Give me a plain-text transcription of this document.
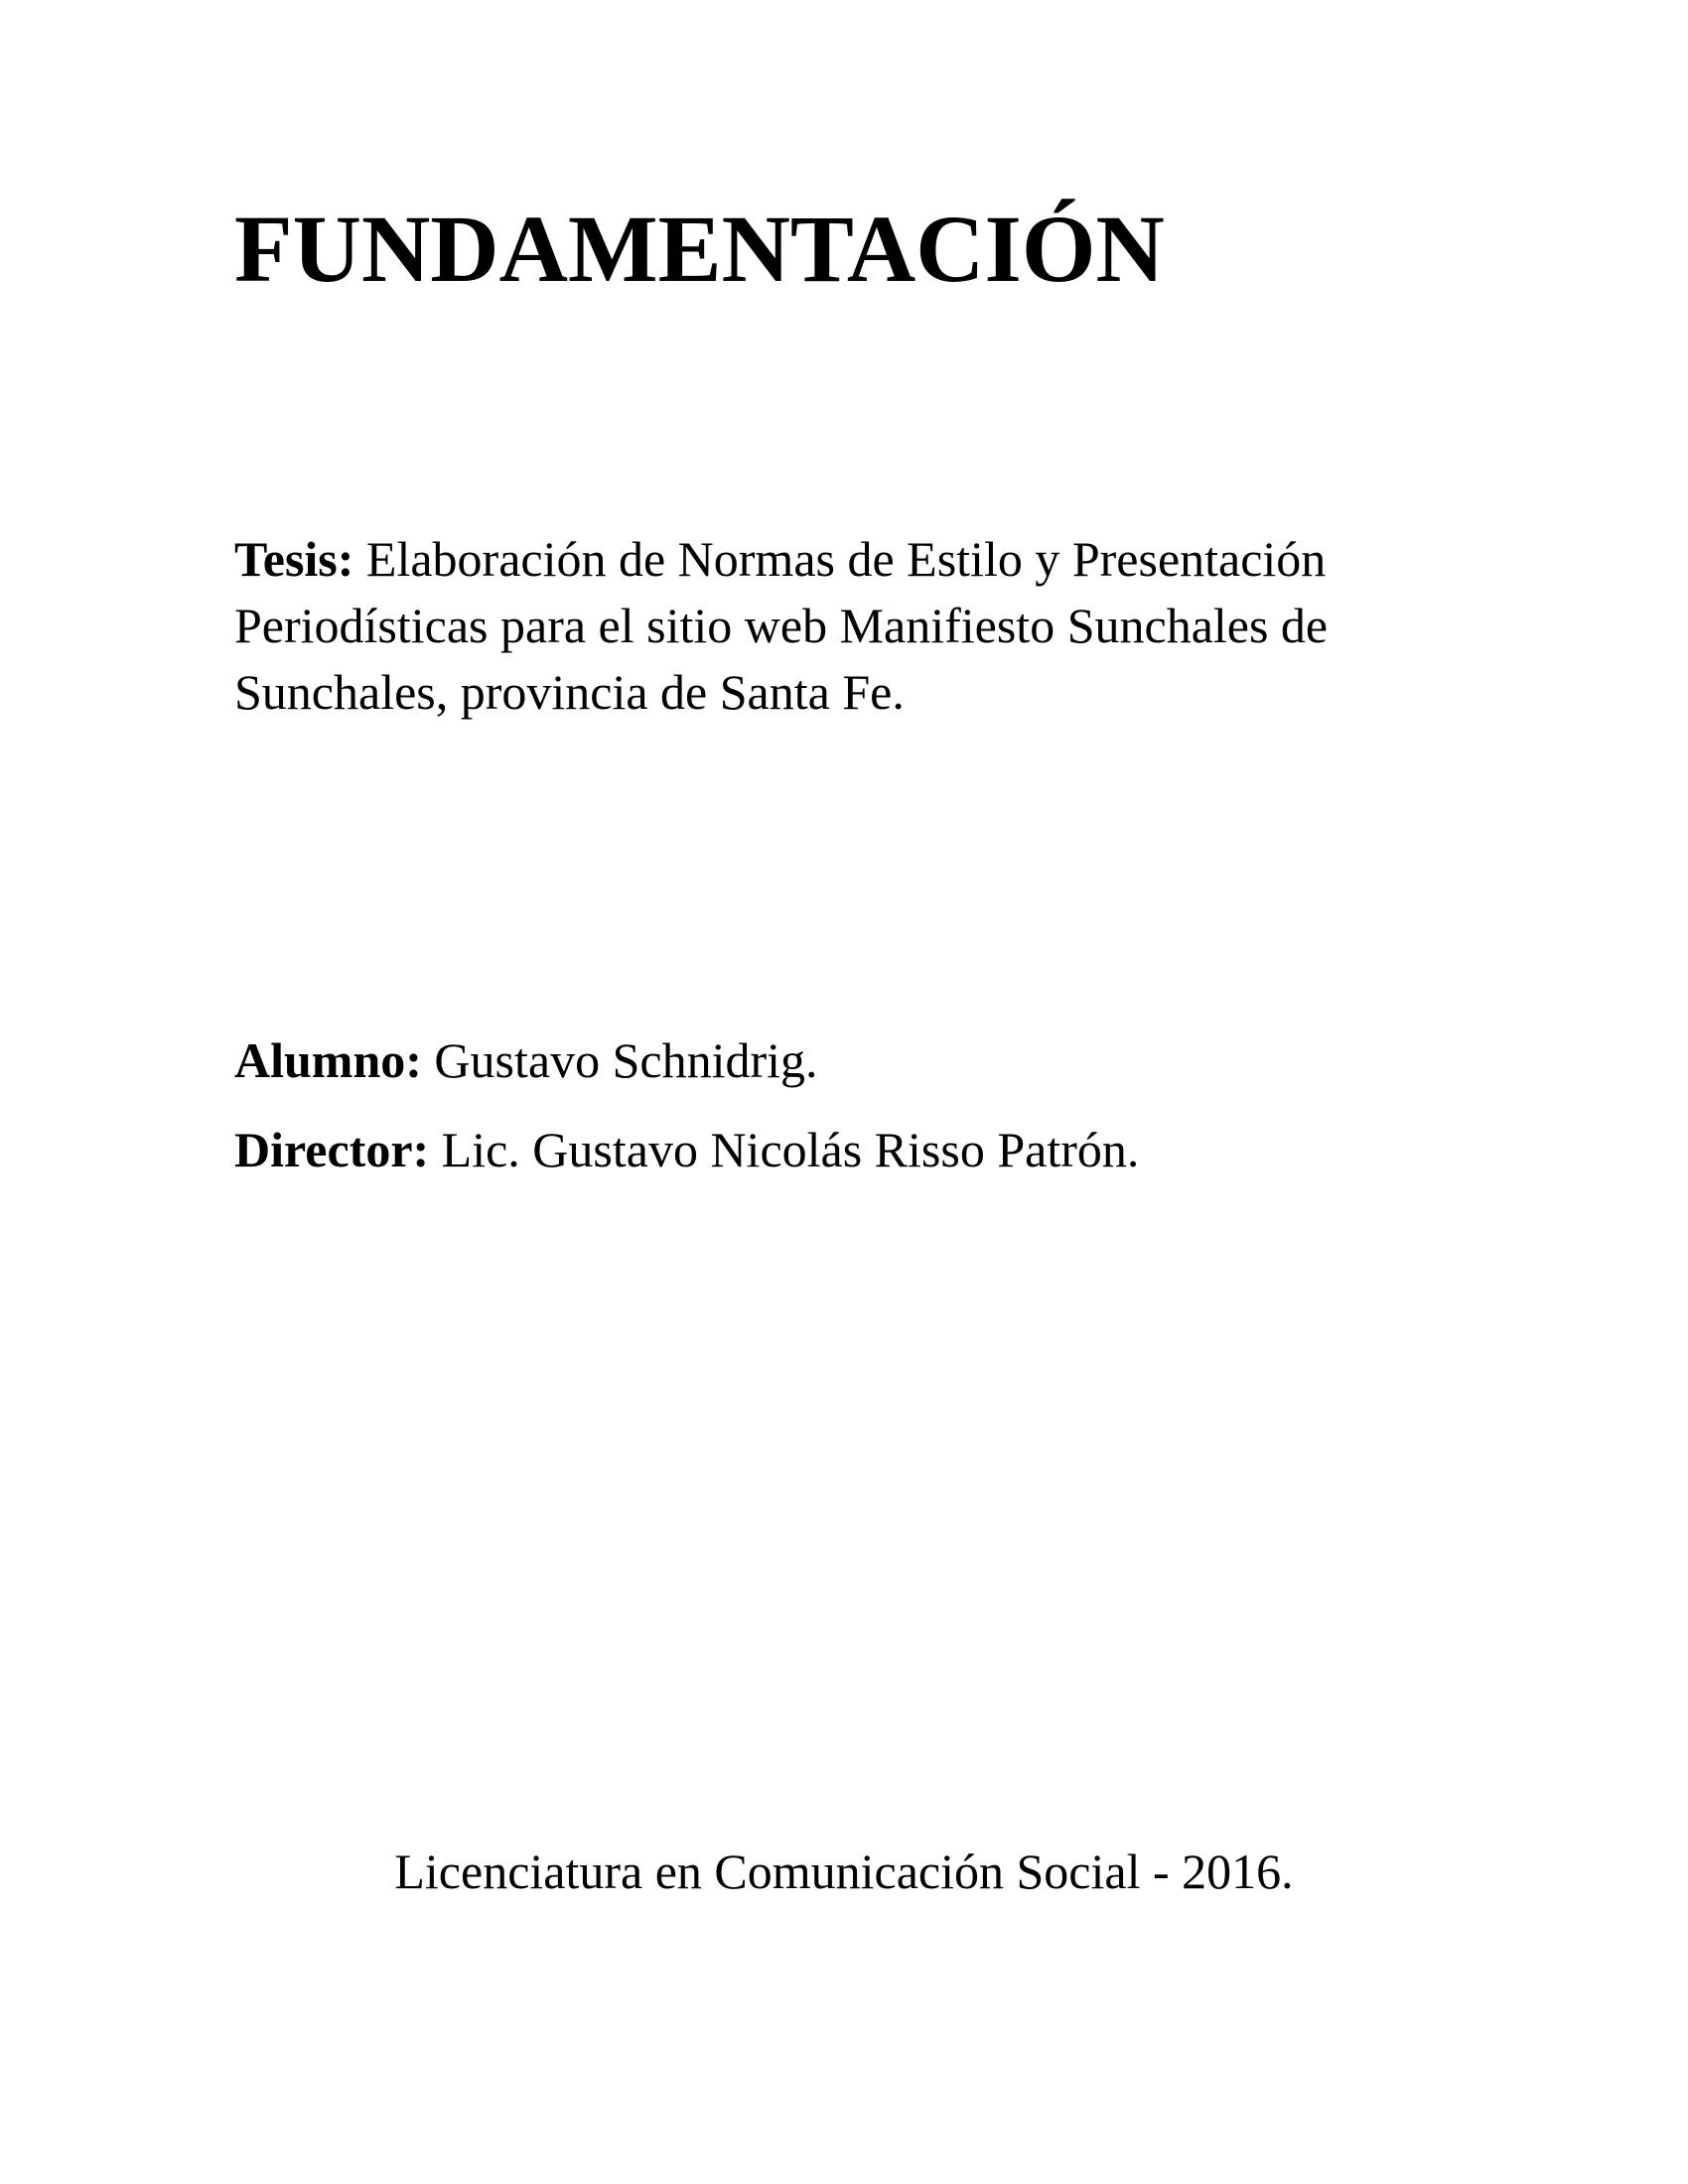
FUNDAMENTACIÓN

Tesis: Elaboración de Normas de Estilo y Presentación Periodísticas para el sitio web Manifiesto Sunchales de Sunchales, provincia de Santa Fe.

Alumno: Gustavo Schnidrig.

Director: Lic. Gustavo Nicolás Risso Patrón.

Licenciatura en Comunicación Social - 2016.
